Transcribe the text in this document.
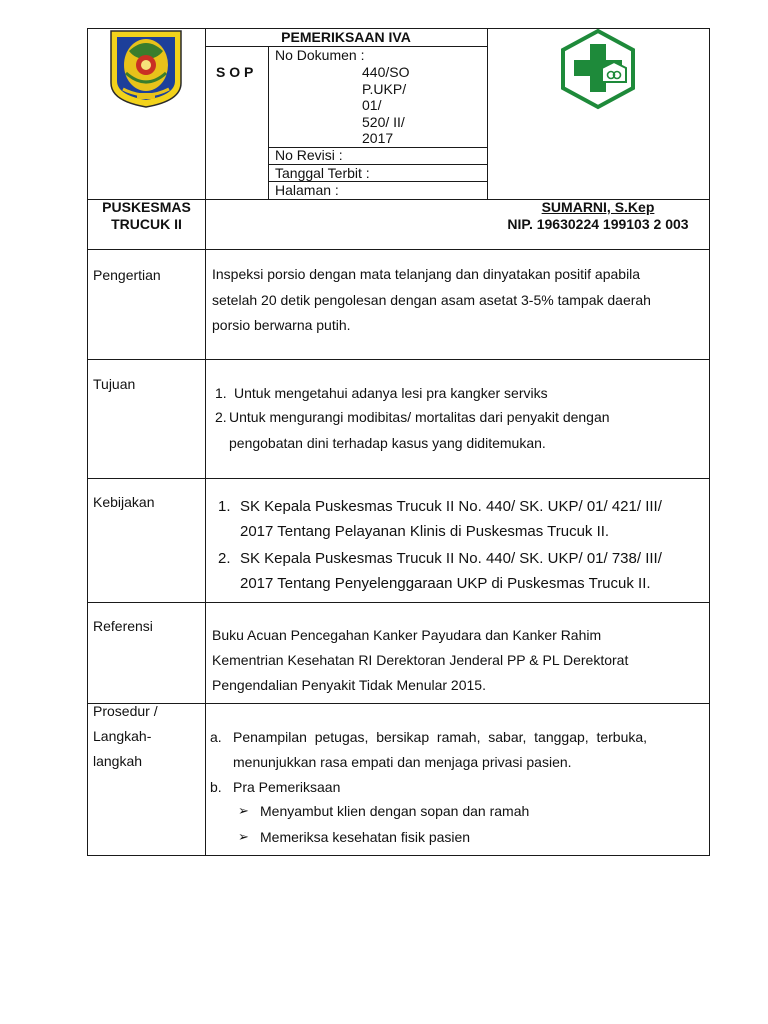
PEMERIKSAAN IVA
S O P
No Dokumen :
440/SO
P.UKP/
01/
520/ II/
2017
No Revisi :
Tanggal Terbit :
Halaman :
PUSKESMAS
TRUCUK II
SUMARNI, S.Kep
NIP. 19630224 199103 2 003
Pengertian	Inspeksi porsio dengan mata telanjang dan dinyatakan positif apabila
setelah 20 detik pengolesan dengan asam asetat 3-5% tampak daerah
porsio berwarna putih.
Tujuan
1. Untuk mengetahui adanya lesi pra kangker serviks
2. Untuk mengurangi modibitas/ mortalitas dari penyakit dengan
pengobatan dini terhadap kasus yang diditemukan.
Kebijakan	1. SK Kepala Puskesmas Trucuk II No. 440/ SK. UKP/ 01/ 421/ III/
2017 Tentang Pelayanan Klinis di Puskesmas Trucuk II.
2. SK Kepala Puskesmas Trucuk II No. 440/ SK. UKP/ 01/ 738/ III/
2017 Tentang Penyelenggaraan UKP di Puskesmas Trucuk II.
Referensi
Buku Acuan Pencegahan Kanker Payudara dan Kanker Rahim
Kementrian Kesehatan RI Derektoran Jenderal PP & PL Derektorat
Pengendalian Penyakit Tidak Menular 2015.
Prosedur /
Langkah-
langkah
a. Penampilan  petugas,  bersikap  ramah,  sabar,  tanggap,  terbuka,
menunjukkan rasa empati dan menjaga privasi pasien.
b. Pra Pemeriksaan
➢ Menyambut klien dengan sopan dan ramah
➢ Memeriksa kesehatan fisik pasien
